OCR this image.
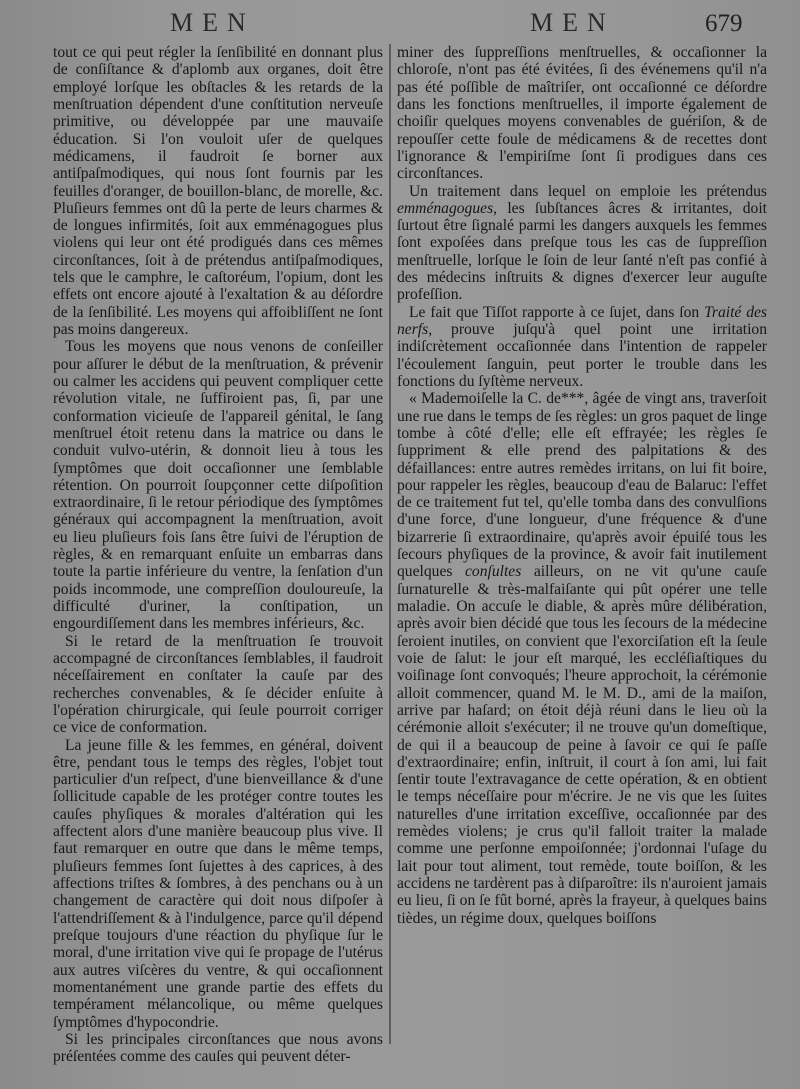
MEN	MEN	679

tout ce qui peut régler la ſenſibilité en donnant plus de conſiſtance & d'aplomb aux organes, doit être employé lorſque les obſtacles & les retards de la menſtruation dépendent d'une conſtitution nerveuſe primitive, ou développée par une mauvaiſe éducation. Si l'on vouloit uſer de quelques médicamens, il faudroit ſe borner aux antiſpaſmodiques, qui nous ſont fournis par les feuilles d'oranger, de bouillon-blanc, de morelle, &c. Pluſieurs femmes ont dû la perte de leurs charmes & de longues infirmités, ſoit aux emménagogues plus violens qui leur ont été prodigués dans ces mêmes circonſtances, ſoit à de prétendus antiſpaſmodiques, tels que le camphre, le caſtoréum, l'opium, dont les effets ont encore ajouté à l'exaltation & au déſordre de la ſenſibilité. Les moyens qui affoibliſſent ne ſont pas moins dangereux.

Tous les moyens que nous venons de conſeiller pour aſſurer le début de la menſtruation, & prévenir ou calmer les accidens qui peuvent compliquer cette révolution vitale, ne ſuffiroient pas, ſi, par une conformation vicieuſe de l'appareil génital, le ſang menſtruel étoit retenu dans la matrice ou dans le conduit vulvo-utérin, & donnoit lieu à tous les ſymptômes que doit occaſionner une ſemblable rétention. On pourroit ſoupçonner cette diſpoſition extraordinaire, ſi le retour périodique des ſymptômes généraux qui accompagnent la menſtruation, avoit eu lieu pluſieurs fois ſans être ſuivi de l'éruption de règles, & en remarquant enſuite un embarras dans toute la partie inférieure du ventre, la ſenſation d'un poids incommode, une compreſſion douloureuſe, la difficulté d'uriner, la conſtipation, un engourdiſſement dans les membres inférieurs, &c.

Si le retard de la menſtruation ſe trouvoit accompagné de circonſtances ſemblables, il faudroit néceſſairement en conſtater la cauſe par des recherches convenables, & ſe décider enſuite à l'opération chirurgicale, qui ſeule pourroit corriger ce vice de conformation.

La jeune fille & les femmes, en général, doivent être, pendant tous le temps des règles, l'objet tout particulier d'un reſpect, d'une bienveillance & d'une ſollicitude capable de les protéger contre toutes les cauſes phyſiques & morales d'altération qui les affectent alors d'une manière beaucoup plus vive. Il faut remarquer en outre que dans le même temps, pluſieurs femmes ſont ſujettes à des caprices, à des affections triſtes & ſombres, à des penchans ou à un changement de caractère qui doit nous diſpoſer à l'attendriſſement & à l'indulgence, parce qu'il dépend preſque toujours d'une réaction du phyſique ſur le moral, d'une irritation vive qui ſe propage de l'utérus aux autres viſcères du ventre, & qui occaſionnent momentanément une grande partie des effets du tempérament mélancolique, ou même quelques ſymptômes d'hypocondrie.

Si les principales circonſtances que nous avons préſentées comme des cauſes qui peuvent déter-

miner des ſuppreſſions menſtruelles, & occaſionner la chloroſe, n'ont pas été évitées, ſi des événemens qu'il n'a pas été poſſible de maîtriſer, ont occaſionné ce déſordre dans les fonctions menſtruelles, il importe également de choiſir quelques moyens convenables de guériſon, & de repouſſer cette foule de médicamens & de recettes dont l'ignorance & l'empiriſme ſont ſi prodigues dans ces circonſtances.

Un traitement dans lequel on emploie les prétendus emménagogues, les ſubſtances âcres & irritantes, doit ſurtout être ſignalé parmi les dangers auxquels les femmes ſont expoſées dans preſque tous les cas de ſuppreſſion menſtruelle, lorſque le ſoin de leur ſanté n'eſt pas confié à des médecins inſtruits & dignes d'exercer leur auguſte profeſſion.

Le fait que Tiſſot rapporte à ce ſujet, dans ſon Traité des nerfs, prouve juſqu'à quel point une irritation indiſcrètement occaſionnée dans l'intention de rappeler l'écoulement ſanguin, peut porter le trouble dans les fonctions du ſyſtème nerveux.

« Mademoiſelle la C. de***, âgée de vingt ans, traverſoit une rue dans le temps de ſes règles: un gros paquet de linge tombe à côté d'elle; elle eſt effrayée; les règles ſe ſuppriment & elle prend des palpitations & des défaillances: entre autres remèdes irritans, on lui fit boire, pour rappeler les règles, beaucoup d'eau de Balaruc: l'effet de ce traitement fut tel, qu'elle tomba dans des convulſions d'une force, d'une longueur, d'une fréquence & d'une bizarrerie ſi extraordinaire, qu'après avoir épuiſé tous les ſecours phyſiques de la province, & avoir fait inutilement quelques conſultes ailleurs, on ne vit qu'une cauſe ſurnaturelle & très-malfaiſante qui pût opérer une telle maladie. On accuſe le diable, & après mûre délibération, après avoir bien décidé que tous les ſecours de la médecine ſeroient inutiles, on convient que l'exorciſation eſt la ſeule voie de ſalut: le jour eſt marqué, les eccléſiaſtiques du voiſinage ſont convoqués; l'heure approchoit, la cérémonie alloit commencer, quand M. le M. D., ami de la maiſon, arrive par haſard; on étoit déjà réuni dans le lieu où la cérémonie alloit s'exécuter; il ne trouve qu'un domeſtique, de qui il a beaucoup de peine à ſavoir ce qui ſe paſſe d'extraordinaire; enfin, inſtruit, il court à ſon ami, lui fait ſentir toute l'extravagance de cette opération, & en obtient le temps néceſſaire pour m'écrire. Je ne vis que les ſuites naturelles d'une irritation exceſſive, occaſionnée par des remèdes violens; je crus qu'il falloit traiter la malade comme une perſonne empoiſonnée; j'ordonnai l'uſage du lait pour tout aliment, tout remède, toute boiſſon, & les accidens ne tardèrent pas à diſparoître: ils n'auroient jamais eu lieu, ſi on ſe fût borné, après la frayeur, à quelques bains tièdes, un régime doux, quelques boiſſons
